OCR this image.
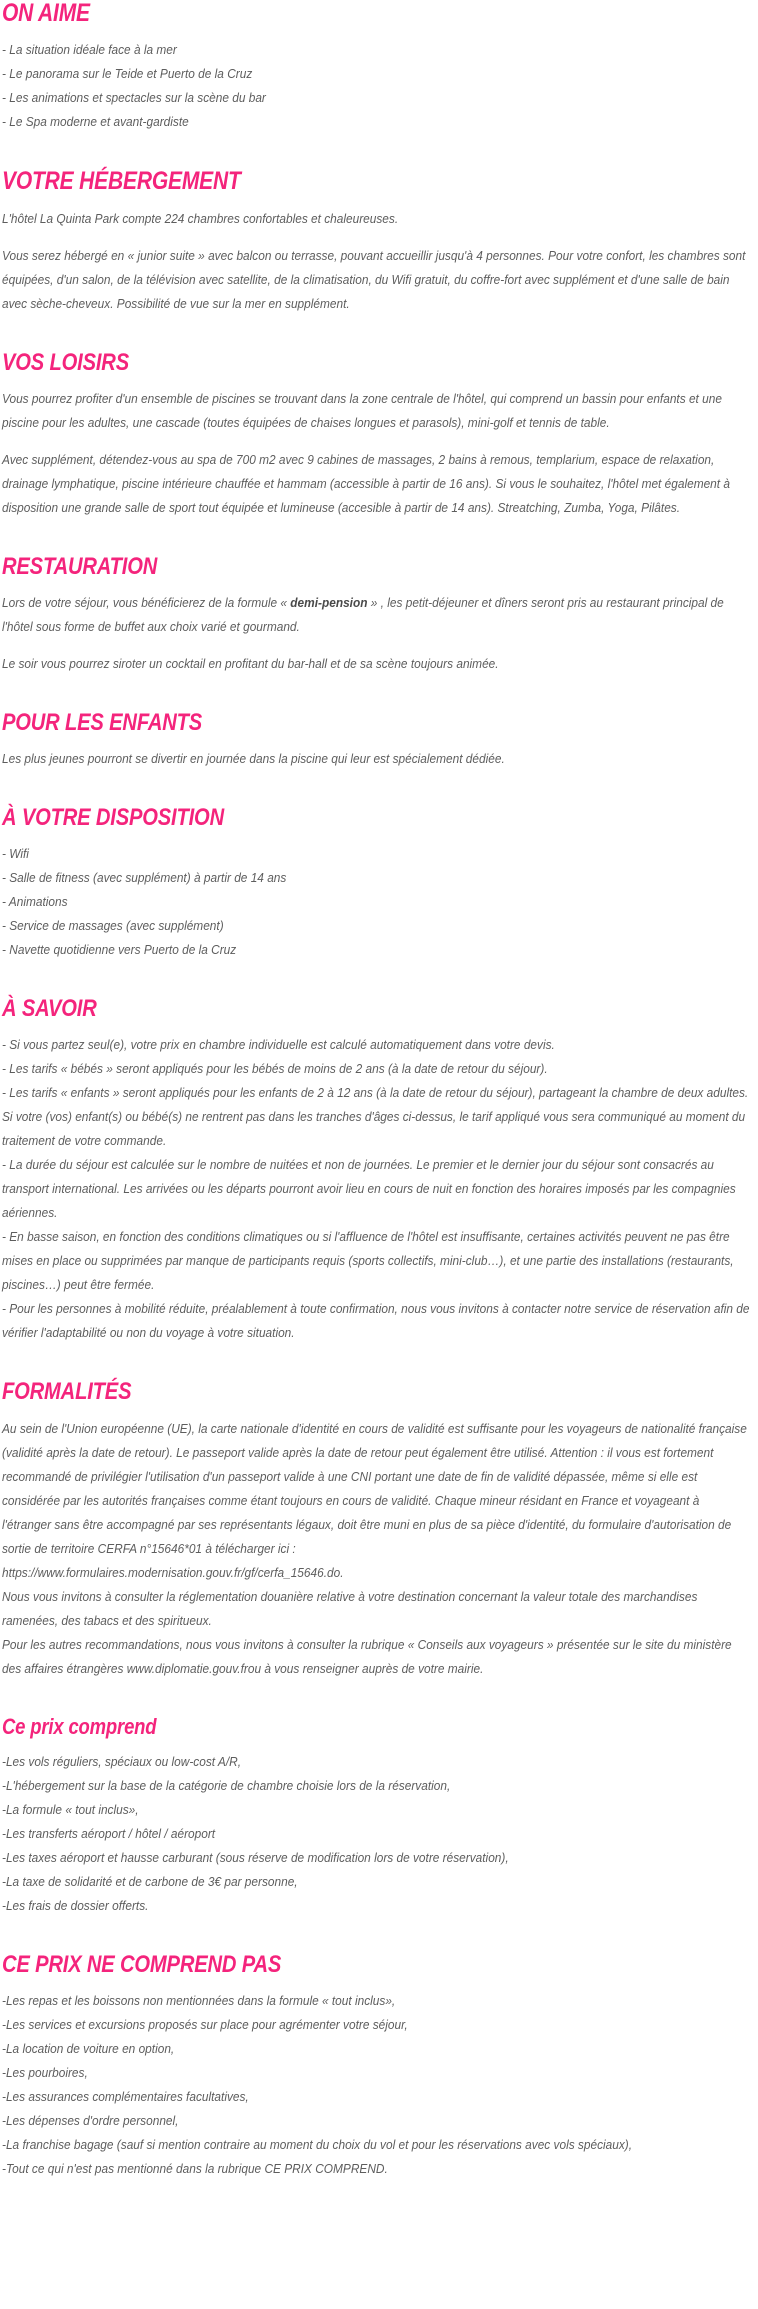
ON AIME

- La situation idéale face à la mer

- Le panorama sur le Teide et Puerto de la Cruz

- Les animations et spectacles sur la scène du bar

- Le Spa moderne et avant-gardiste

VOTRE HÉBERGEMENT

L'hôtel La Quinta Park compte 224 chambres confortables et chaleureuses.

Vous serez hébergé en « junior suite » avec balcon ou terrasse, pouvant accueillir jusqu'à 4 personnes. Pour votre confort, les chambres sont équipées, d'un salon, de la télévision avec satellite, de la climatisation, du Wifi gratuit, du coffre-fort avec supplément et d'une salle de bain avec sèche-cheveux. Possibilité de vue sur la mer en supplément.

VOS LOISIRS

Vous pourrez profiter d'un ensemble de piscines se trouvant dans la zone centrale de l'hôtel, qui comprend un bassin pour enfants et une piscine pour les adultes, une cascade (toutes équipées de chaises longues et parasols), mini-golf et tennis de table.

Avec supplément, détendez-vous au spa de 700 m2 avec 9 cabines de massages, 2 bains à remous, templarium, espace de relaxation, drainage lymphatique, piscine intérieure chauffée et hammam (accessible à partir de 16 ans). Si vous le souhaitez, l'hôtel met également à disposition une grande salle de sport tout équipée et lumineuse (accesible à partir de 14 ans). Streatching, Zumba, Yoga, Pilâtes.

RESTAURATION

Lors de votre séjour, vous bénéficierez de la formule « demi-pension » , les petit-déjeuner et dîners seront pris au restaurant principal de l'hôtel sous forme de buffet aux choix varié et gourmand.

Le soir vous pourrez siroter un cocktail en profitant du bar-hall et de sa scène toujours animée.

POUR LES ENFANTS

Les plus jeunes pourront se divertir en journée dans la piscine qui leur est spécialement dédiée.

À VOTRE DISPOSITION

- Wifi

- Salle de fitness (avec supplément) à partir de 14 ans

- Animations

- Service de massages (avec supplément)

- Navette quotidienne vers Puerto de la Cruz

À SAVOIR

- Si vous partez seul(e), votre prix en chambre individuelle est calculé automatiquement dans votre devis.

- Les tarifs « bébés » seront appliqués pour les bébés de moins de 2 ans (à la date de retour du séjour).

- Les tarifs « enfants » seront appliqués pour les enfants de 2 à 12 ans (à la date de retour du séjour), partageant la chambre de deux adultes.

Si votre (vos) enfant(s) ou bébé(s) ne rentrent pas dans les tranches d'âges ci-dessus, le tarif appliqué vous sera communiqué au moment du traitement de votre commande.

- La durée du séjour est calculée sur le nombre de nuitées et non de journées. Le premier et le dernier jour du séjour sont consacrés au transport international. Les arrivées ou les départs pourront avoir lieu en cours de nuit en fonction des horaires imposés par les compagnies aériennes.

- En basse saison, en fonction des conditions climatiques ou si l'affluence de l'hôtel est insuffisante, certaines activités peuvent ne pas être mises en place ou supprimées par manque de participants requis (sports collectifs, mini-club…), et une partie des installations (restaurants, piscines…) peut être fermée.

- Pour les personnes à mobilité réduite, préalablement à toute confirmation, nous vous invitons à contacter notre service de réservation afin de vérifier l'adaptabilité ou non du voyage à votre situation.

FORMALITÉS

Au sein de l'Union européenne (UE), la carte nationale d'identité en cours de validité est suffisante pour les voyageurs de nationalité française (validité après la date de retour). Le passeport valide après la date de retour peut également être utilisé. Attention : il vous est fortement recommandé de privilégier l'utilisation d'un passeport valide à une CNI portant une date de fin de validité dépassée, même si elle est considérée par les autorités françaises comme étant toujours en cours de validité. Chaque mineur résidant en France et voyageant à l'étranger sans être accompagné par ses représentants légaux, doit être muni en plus de sa pièce d'identité, du formulaire d'autorisation de sortie de territoire CERFA n°15646*01 à télécharger ici :

https://www.formulaires.modernisation.gouv.fr/gf/cerfa_15646.do.

Nous vous invitons à consulter la réglementation douanière relative à votre destination concernant la valeur totale des marchandises ramenées, des tabacs et des spiritueux.

Pour les autres recommandations, nous vous invitons à consulter la rubrique « Conseils aux voyageurs » présentée sur le site du ministère des affaires étrangères www.diplomatie.gouv.frou à vous renseigner auprès de votre mairie.

Ce prix comprend

-Les vols réguliers, spéciaux ou low-cost A/R,

-L'hébergement sur la base de la catégorie de chambre choisie lors de la réservation,

-La formule « tout inclus»,

-Les transferts aéroport / hôtel / aéroport

-Les taxes aéroport et hausse carburant (sous réserve de modification lors de votre réservation),

-La taxe de solidarité et de carbone de 3€ par personne,

-Les frais de dossier offerts.

CE PRIX NE COMPREND PAS

-Les repas et les boissons non mentionnées dans la formule « tout inclus»,

-Les services et excursions proposés sur place pour agrémenter votre séjour,

-La location de voiture en option,

-Les pourboires,

-Les assurances complémentaires facultatives,

-Les dépenses d'ordre personnel,

-La franchise bagage (sauf si mention contraire au moment du choix du vol et pour les réservations avec vols spéciaux),

-Tout ce qui n'est pas mentionné dans la rubrique CE PRIX COMPREND.
